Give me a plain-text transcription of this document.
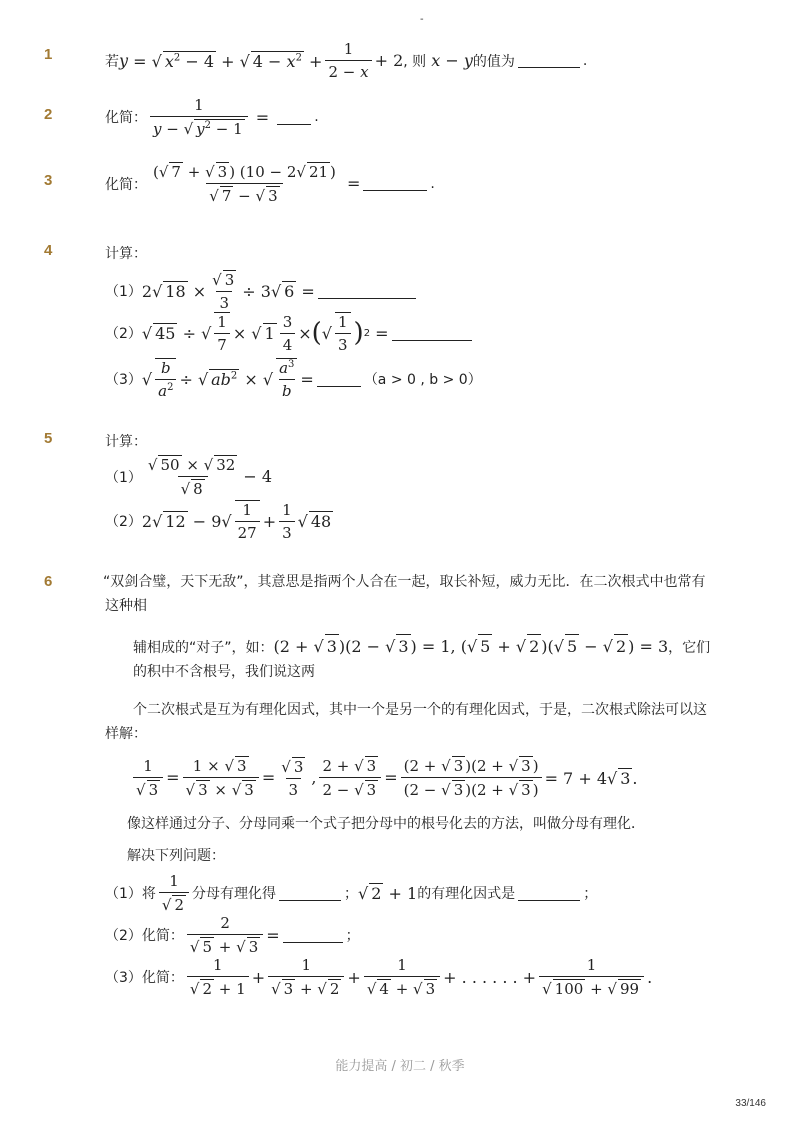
-
1	若 y = √ $x^2 - 4$ + √ $4 - x^2 + \frac{1}{2 - x} + 2$ , 则 x − y 的值为	.
2	化简： $\frac{1}{y - √ y^2 - 1}$ =	.
3	化简： $\frac{(√ 7 + √ 3 ) (10 - 2√ 21 )}{√ 7 - √ 3}$ =	.
4	计算：
（1） 2√ $18 \times \frac{√ 3}{3} \div 3√$ 6 =
（2） √ 45 ÷ √ $\frac{1}{7}$ × √ $1 \frac{3}{4}$ × ( √ $\frac{1}{3}$ ) 2 =
（3） √ $\frac{b}{a^2}$ ÷ √ $ab^2$ × √ $\frac{a^3}{b}$ =	（a > 0 , b > 0）
5	计算：
$(1) \frac{√ 50 \times √ 32}{√ 8} - 4$
（2） 2√ $12 - 9√ \frac{1}{27} + \frac{1}{3}$ √ 48
6	“双剑合璧，天下无敌”，其意思是指两个人合在一起，取长补短，威力无比．在二次根式中也常有这种相
辅相成的“对子”，如：(2 + √ 3 )(2 − √ 3 ) = 1, (√ 5 + √ 2 )(√ 5 − √ 2 ) = 3，它们的积中不含根号，我们说这两
个二次根式是互为有理化因式，其中一个是另一个的有理化因式，于是，二次根式除法可以这样解：
$\frac{1}{√ 3} = \frac{1 \times √ 3}{√ 3 \times √ 3} = \frac{√ 3}{3}$ , $\frac{2 + √ 3}{2 - √ 3} = \frac{(2 + √ 3 )(2 + √ 3 )}{(2 - √ 3 )(2 + √ 3 )} = 7 + 4√$ 3 .
像这样通过分子、分母同乘一个式子把分母中的根号化去的方法，叫做分母有理化．
解决下列问题：
（1）将 $\frac{1}{√ 2}$ 分母有理化得	； √ 2 + 1 的有理化因式是	；
（2）化简： $\frac{2}{√ 5 + √ 3}$ =	；
（3）化简： $\frac{1}{√ 2 + 1} + \frac{1}{√ 3 + √ 2} + \frac{1}{√ 4 + √ 3}$ + . . . . . . + $\frac{1}{√ 100 + √ 99}$ .
能力提高 / 初二 / 秋季
33/146
